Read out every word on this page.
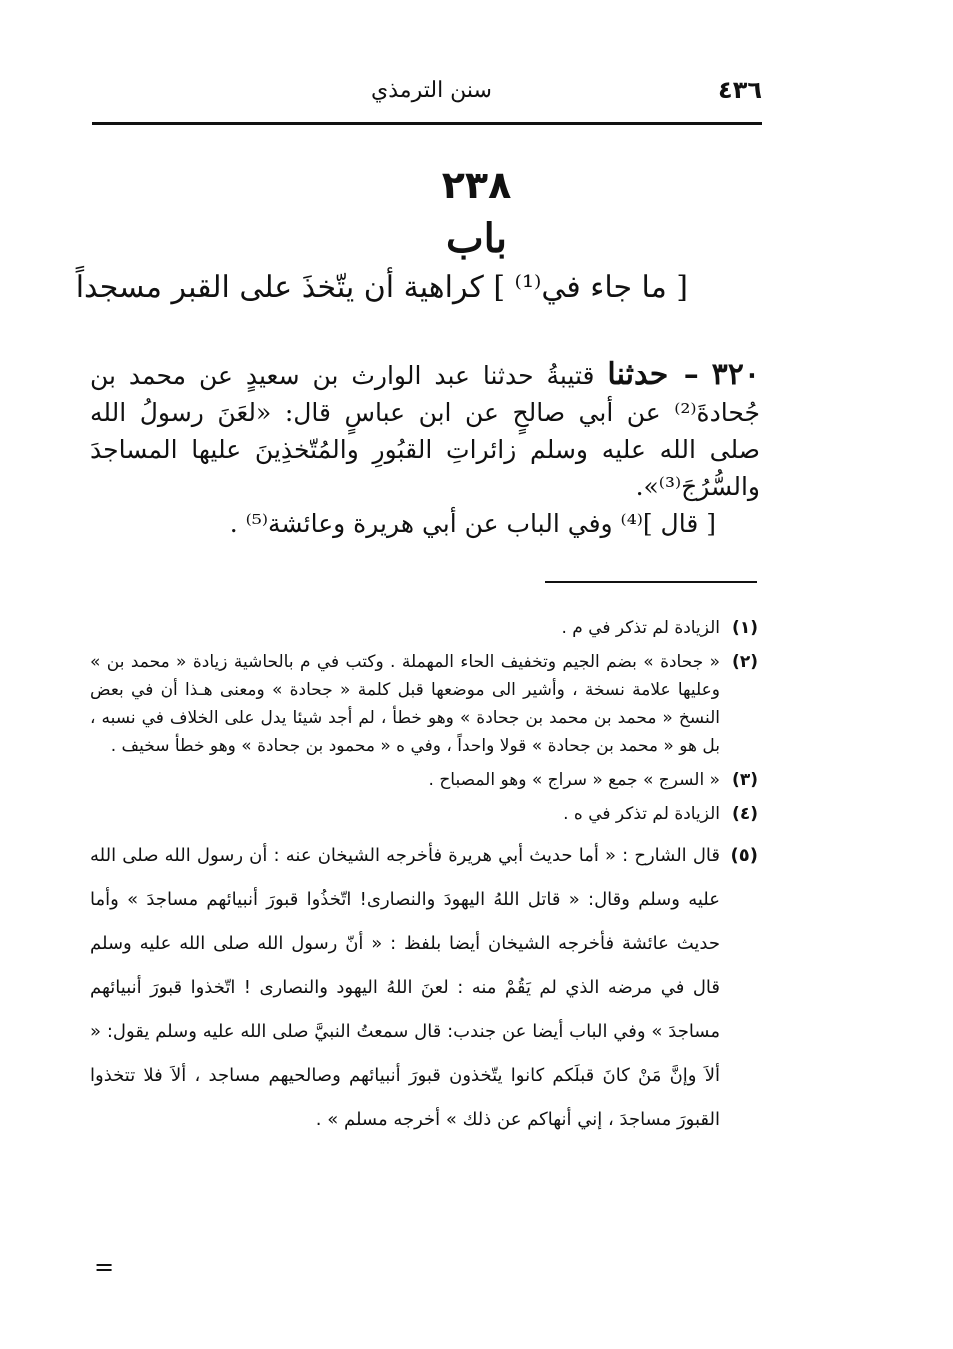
٤٣٦
سنن الترمذي
٢٣٨
باب
[ ما جاء في⁽¹⁾ ] كراهية أن يتّخذَ على القبر مسجداً

٣٢٠ – حدثنا قتيبةُ حدثنا عبد الوارث بن سعيدٍ عن محمد بن جُحادةَ⁽²⁾ عن أبي صالحٍ عن ابن عباسٍ قال: «لعَنَ رسولُ الله صلى الله عليه وسلم زائراتِ القبُورِ والمُتّخذِينَ عليها المساجدَ والسُّرُجَ⁽³⁾».

[ قال ]⁽⁴⁾ وفي الباب عن أبي هريرة وعائشة⁽⁵⁾ .

(١)
الزيادة لم تذكر في م .
(٢)
« جحادة » بضم الجيم وتخفيف الحاء المهملة . وكتب في م بالحاشية زيادة « محمد بن » وعليها علامة نسخة ، وأشير الى موضعها قبل كلمة « جحادة » ومعنى هـذا أن في بعض النسخ « محمد بن محمد بن جحادة » وهو خطأ ، لم أجد شيئا يدل على الخلاف في نسبه ، بل هو « محمد بن جحادة » قولا واحداً ، وفي ه « محمود بن جحادة » وهو خطأ سخيف .
(٣)
« السرج » جمع « سراج » وهو المصباح .
(٤)
الزيادة لم تذكر في ه .
(٥)
قال الشارح : « أما حديث أبي هريرة فأخرجه الشيخان عنه : أن رسول الله صلى الله عليه وسلم وقال: « قاتل اللهُ اليهودَ والنصارى! اتّخذُوا قبورَ أنبيائهم مساجدَ » وأما حديث عائشة فأخرجه الشيخان أيضا بلفظ : « أنّ رسول الله صلى الله عليه وسلم قال في مرضه الذي لم يَقُمْ منه : لعنَ اللهُ اليهود والنصارى ! اتّخذوا قبورَ أنبيائهم مساجدَ » وفي الباب أيضا عن جندب: قال سمعتُ النبيَّ صلى الله عليه وسلم يقول: « ألاَ وإنَّ مَنْ كانَ قبلَكم كانوا يتّخذون قبورَ أنبيائهم وصالحيهم مساجد ، ألاَ فلا تتخذوا القبورَ مساجدَ ، إني أنهاكم عن ذلك » أخرجه مسلم » .
=
